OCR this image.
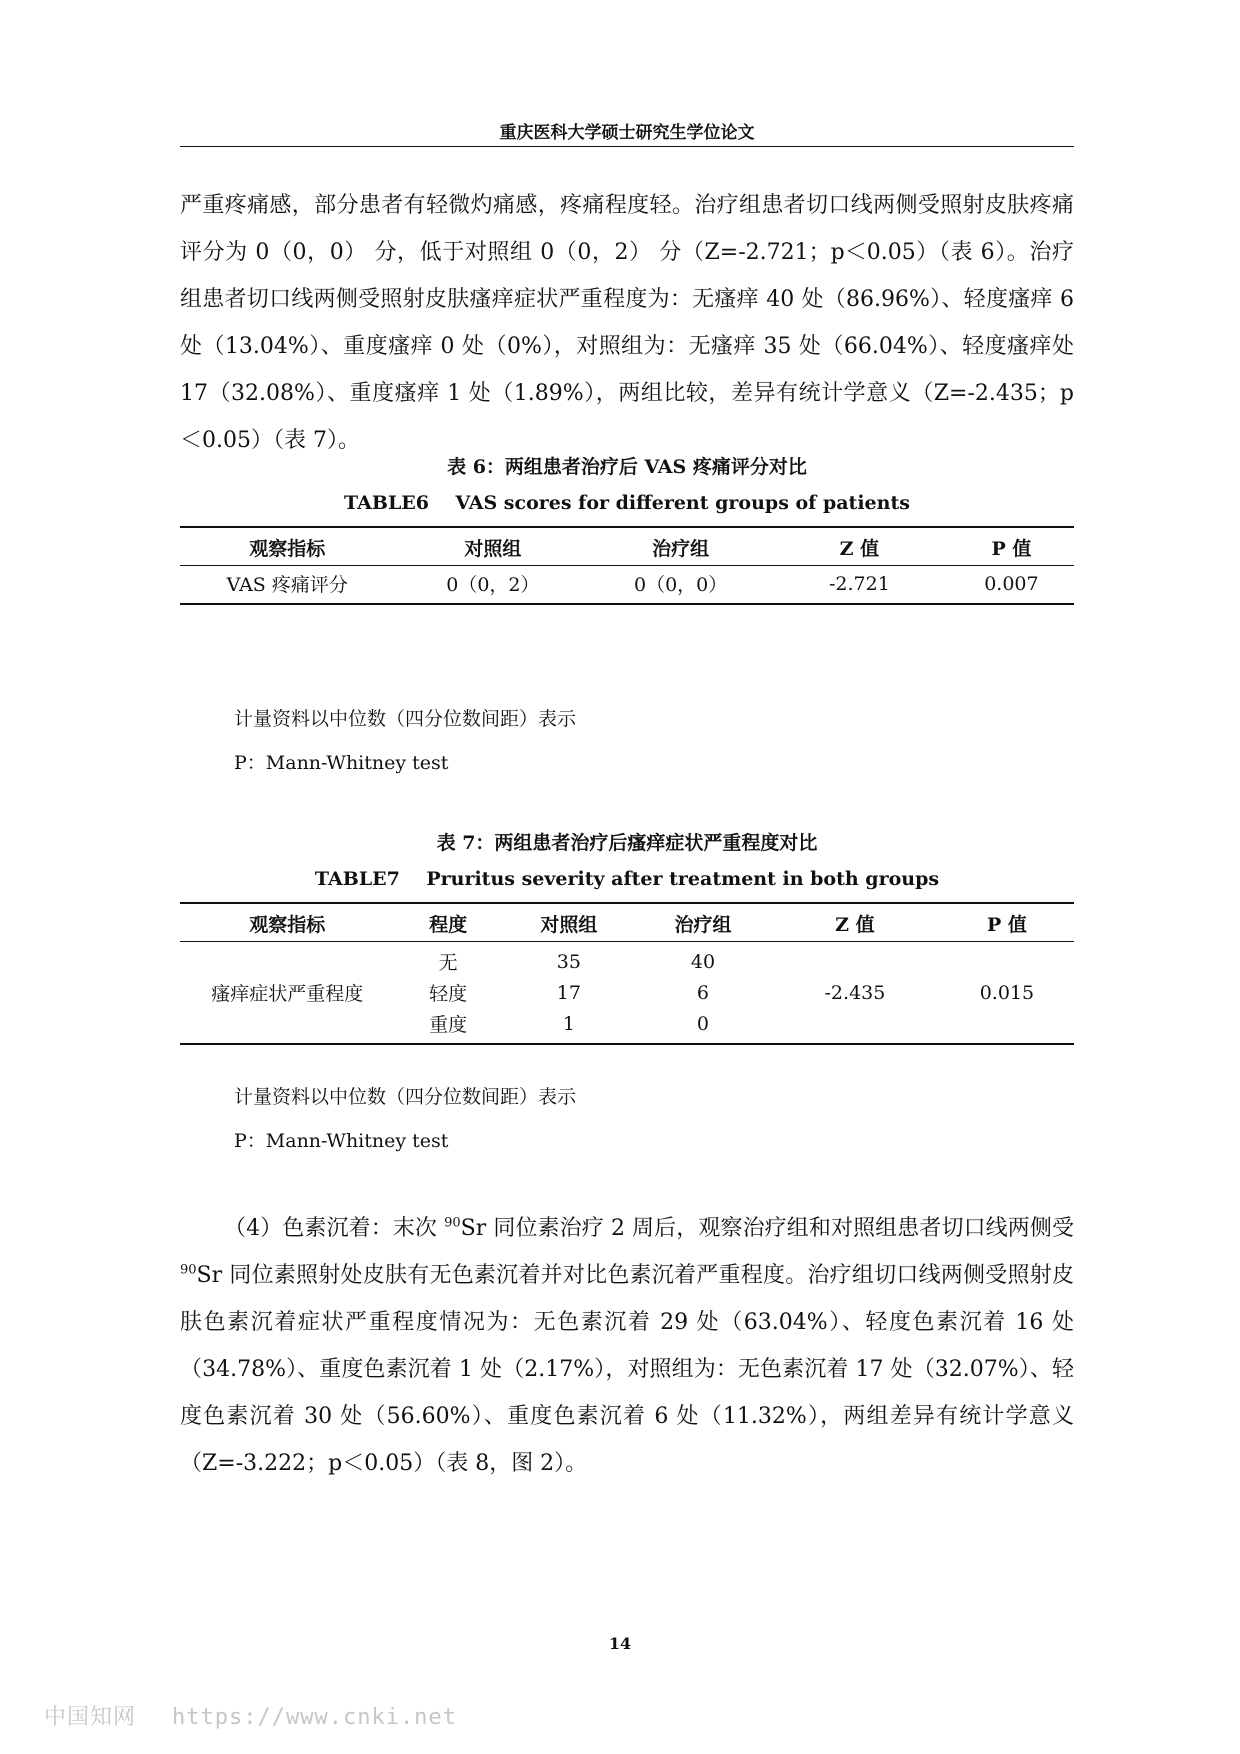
重庆医科大学硕士研究生学位论文

严重疼痛感，部分患者有轻微灼痛感，疼痛程度轻。治疗组患者切口线两侧受照射皮肤疼痛评分为 0（0，0） 分，低于对照组 0（0，2） 分（Z=-2.721；p＜0.05）（表 6）。治疗组患者切口线两侧受照射皮肤瘙痒症状严重程度为：无瘙痒 40 处（86.96%）、轻度瘙痒 6 处（13.04%）、重度瘙痒 0 处（0%），对照组为：无瘙痒 35 处（66.04%）、轻度瘙痒处 17（32.08%）、重度瘙痒 1 处（1.89%），两组比较，差异有统计学意义（Z=-2.435；p＜0.05）（表 7）。

表 6：两组患者治疗后 VAS 疼痛评分对比

TABLE6    VAS scores for different groups of patients

观察指标	对照组	治疗组	Z 值	P 值
VAS 疼痛评分	0（0，2）	0（0，0）	-2.721	0.007

计量资料以中位数（四分位数间距）表示

P：Mann-Whitney test

表 7：两组患者治疗后瘙痒症状严重程度对比

TABLE7    Pruritus severity after treatment in both groups

观察指标	程度	对照组	治疗组	Z 值	P 值
瘙痒症状严重程度	无	35	40	-2.435	0.015
	轻度	17	6		
	重度	1	0		

计量资料以中位数（四分位数间距）表示

P：Mann-Whitney test

（4）色素沉着：末次 $^{90}$Sr 同位素治疗 2 周后，观察治疗组和对照组患者切口线两侧受 $^{90}$Sr 同位素照射处皮肤有无色素沉着并对比色素沉着严重程度。治疗组切口线两侧受照射皮肤色素沉着症状严重程度情况为：无色素沉着 29 处（63.04%）、轻度色素沉着 16 处（34.78%）、重度色素沉着 1 处（2.17%），对照组为：无色素沉着 17 处（32.07%）、轻度色素沉着 30 处（56.60%）、重度色素沉着 6 处（11.32%），两组差异有统计学意义（Z=-3.222；p＜0.05）（表 8，图 2）。

14
中国知网 https://www.cnki.net
